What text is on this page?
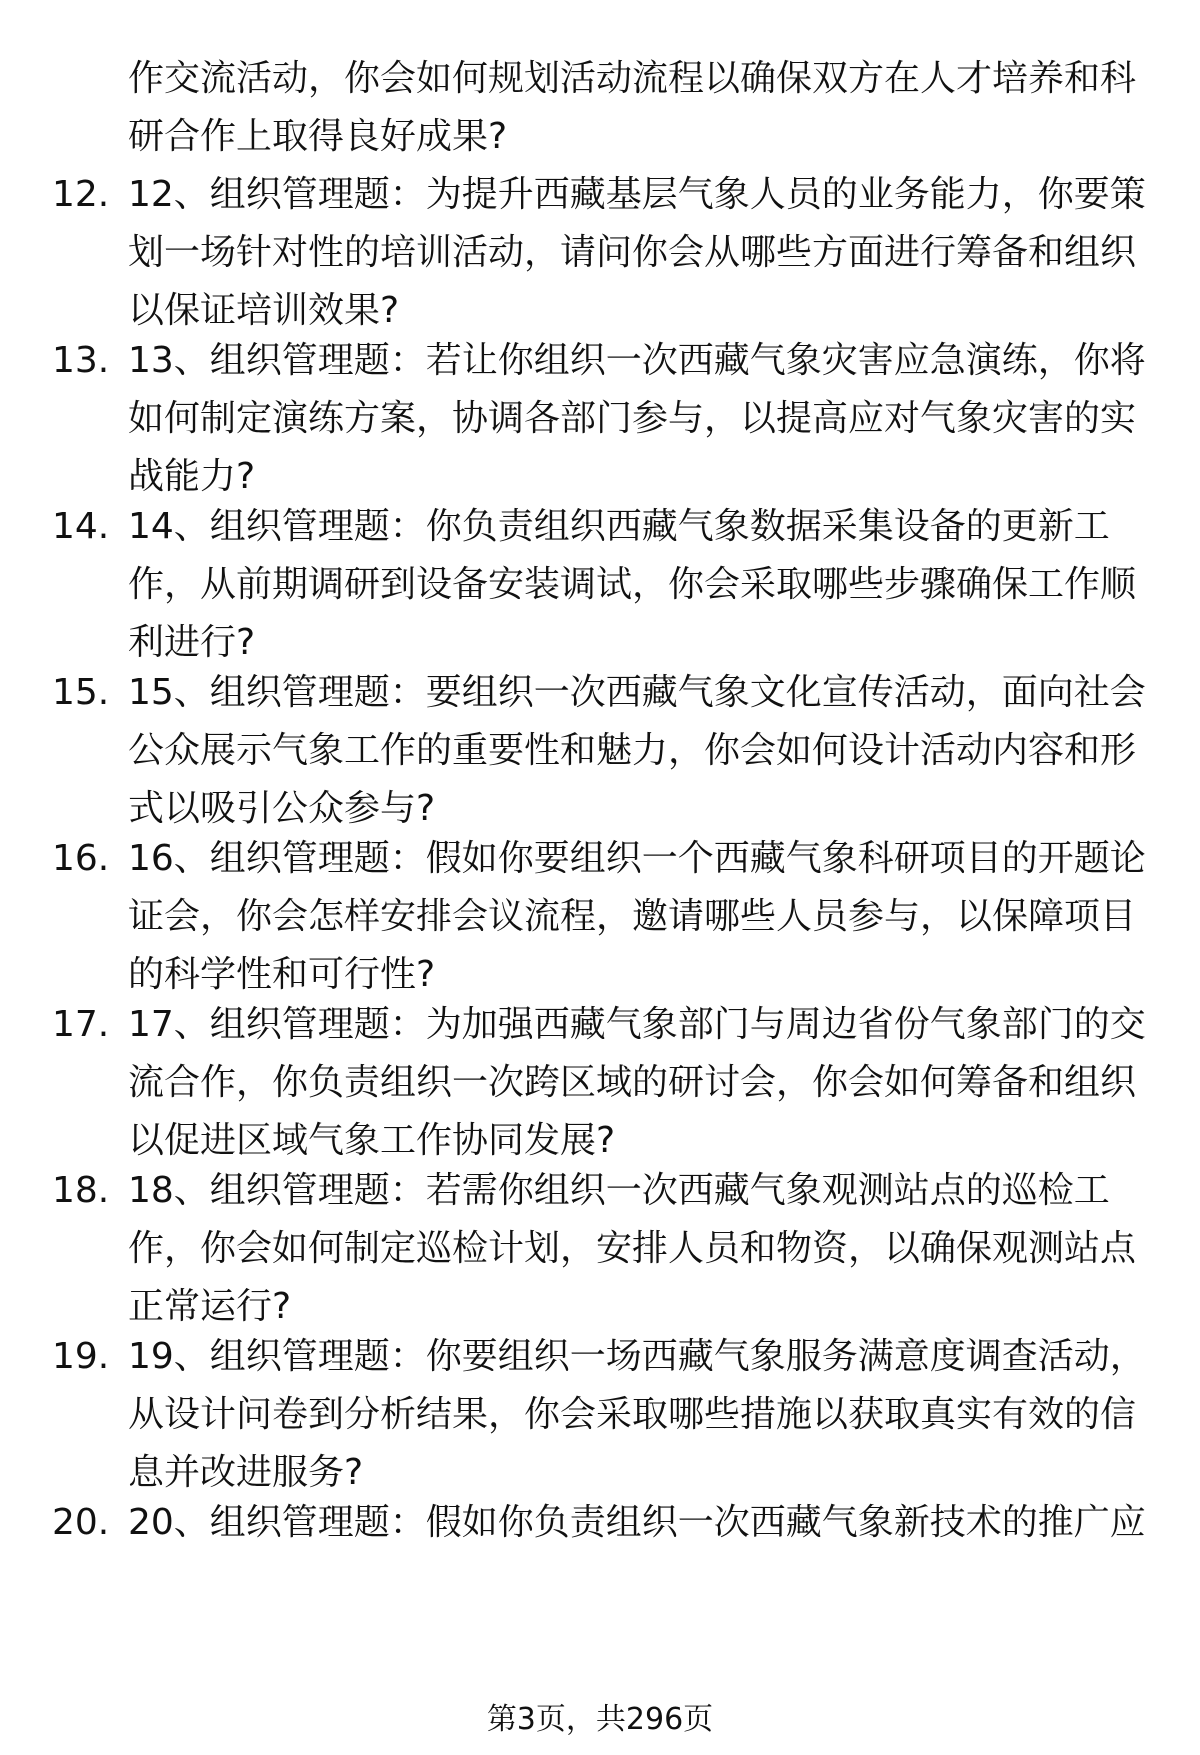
作交流活动，你会如何规划活动流程以确保双方在人才培养和科研合作上取得良好成果?
12. 12、组织管理题：为提升西藏基层气象人员的业务能力，你要策划一场针对性的培训活动，请问你会从哪些方面进行筹备和组织以保证培训效果?
13. 13、组织管理题：若让你组织一次西藏气象灾害应急演练，你将如何制定演练方案，协调各部门参与，以提高应对气象灾害的实战能力?
14. 14、组织管理题：你负责组织西藏气象数据采集设备的更新工作，从前期调研到设备安装调试，你会采取哪些步骤确保工作顺利进行?
15. 15、组织管理题：要组织一次西藏气象文化宣传活动，面向社会公众展示气象工作的重要性和魅力，你会如何设计活动内容和形式以吸引公众参与?
16. 16、组织管理题：假如你要组织一个西藏气象科研项目的开题论证会，你会怎样安排会议流程，邀请哪些人员参与，以保障项目的科学性和可行性?
17. 17、组织管理题：为加强西藏气象部门与周边省份气象部门的交流合作，你负责组织一次跨区域的研讨会，你会如何筹备和组织以促进区域气象工作协同发展?
18. 18、组织管理题：若需你组织一次西藏气象观测站点的巡检工作，你会如何制定巡检计划，安排人员和物资，以确保观测站点正常运行?
19. 19、组织管理题：你要组织一场西藏气象服务满意度调查活动，从设计问卷到分析结果，你会采取哪些措施以获取真实有效的信息并改进服务?
20. 20、组织管理题：假如你负责组织一次西藏气象新技术的推广应
第3页，共296页
